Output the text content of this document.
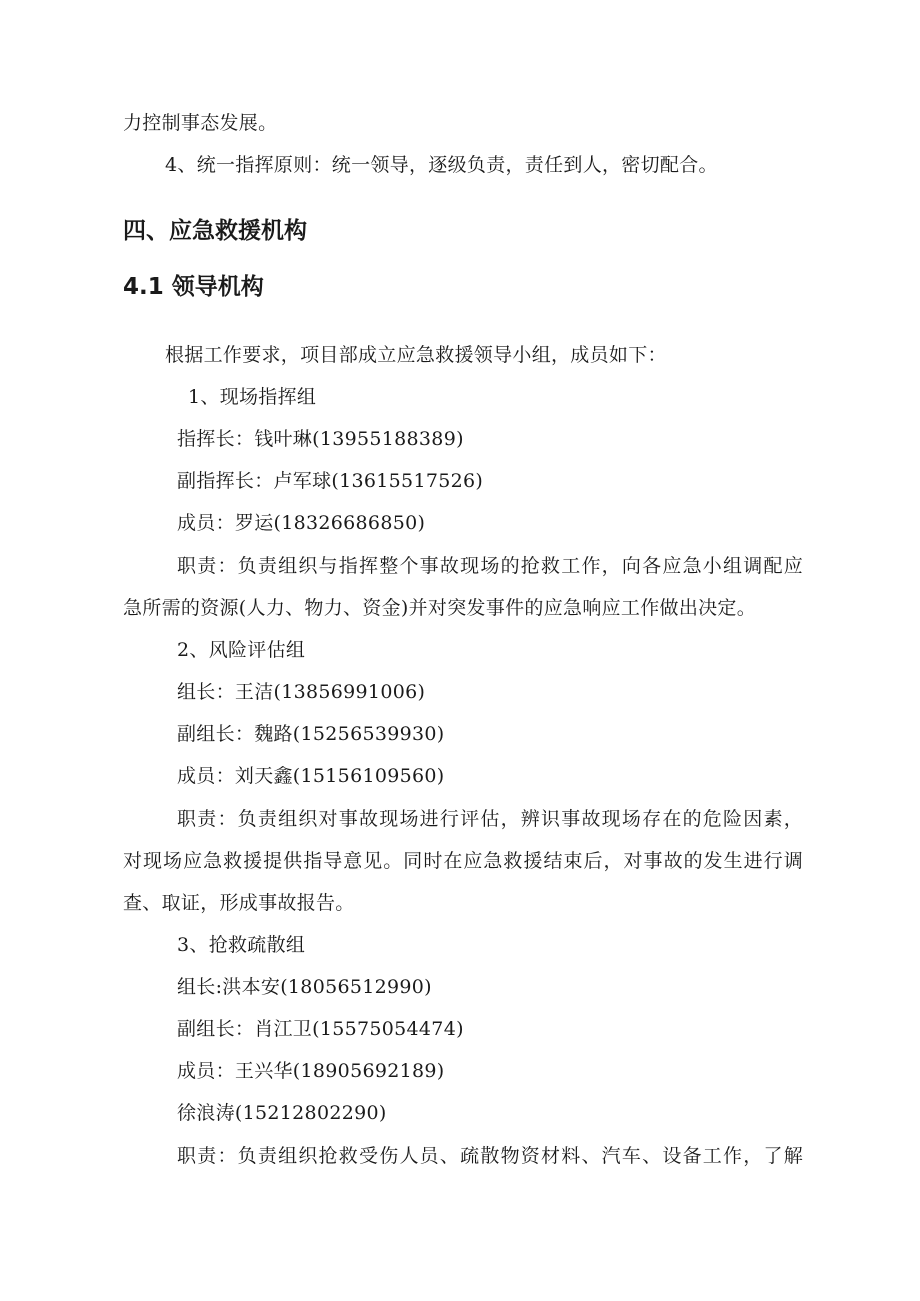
力控制事态发展。
4、统一指挥原则：统一领导，逐级负责，责任到人，密切配合。
四、应急救援机构
4.1 领导机构
根据工作要求，项目部成立应急救援领导小组，成员如下：
1、现场指挥组
指挥长：钱叶琳(13955188389)
副指挥长：卢军球(13615517526)
成员：罗运(18326686850)
职责：负责组织与指挥整个事故现场的抢救工作，向各应急小组调配应
急所需的资源(人力、物力、资金)并对突发事件的应急响应工作做出决定。
2、风险评估组
组长：王洁(13856991006)
副组长：魏路(15256539930)
成员：刘天鑫(15156109560)
职责：负责组织对事故现场进行评估，辨识事故现场存在的危险因素，
对现场应急救援提供指导意见。同时在应急救援结束后，对事故的发生进行调
查、取证，形成事故报告。
3、抢救疏散组
组长:洪本安(18056512990)
副组长：肖江卫(15575054474)
成员：王兴华(18905692189)
徐浪涛(15212802290)
职责：负责组织抢救受伤人员、疏散物资材料、汽车、设备工作，了解
